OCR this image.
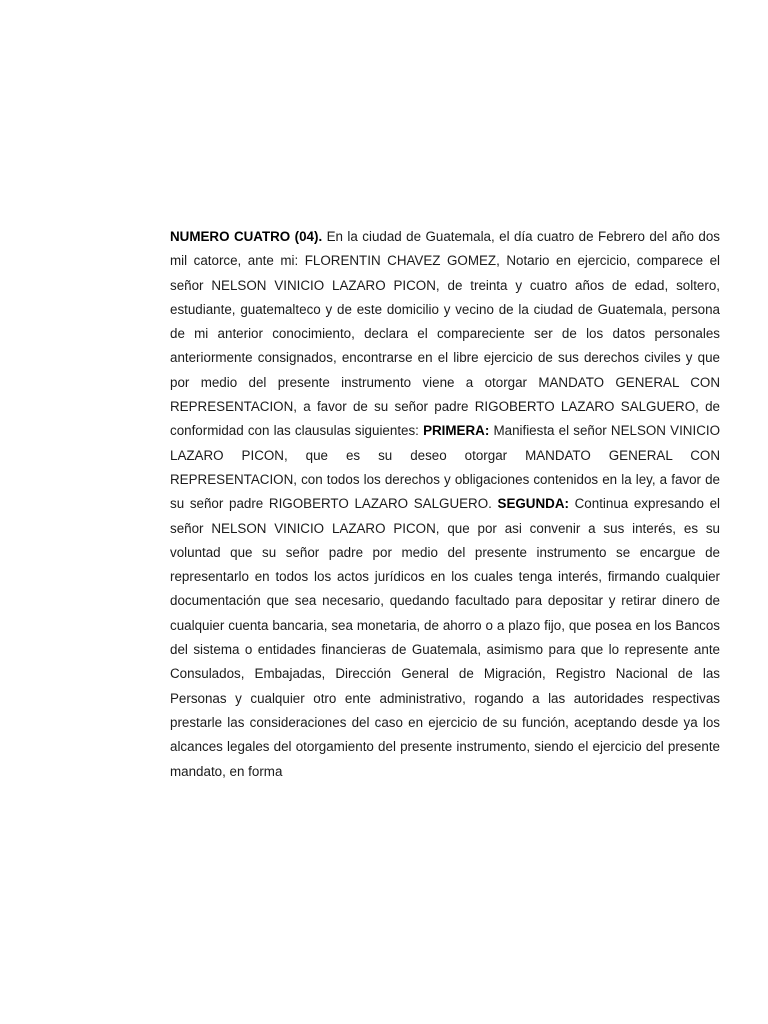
NUMERO CUATRO (04). En la ciudad de Guatemala, el día cuatro de Febrero del año dos mil catorce, ante mi: FLORENTIN CHAVEZ GOMEZ, Notario en ejercicio, comparece el señor NELSON VINICIO LAZARO PICON, de treinta y cuatro años de edad, soltero, estudiante, guatemalteco y de este domicilio y vecino de la ciudad de Guatemala, persona de mi anterior conocimiento, declara el compareciente ser de los datos personales anteriormente consignados, encontrarse en el libre ejercicio de sus derechos civiles y que por medio del presente instrumento viene a otorgar MANDATO GENERAL CON REPRESENTACION, a favor de su señor padre RIGOBERTO LAZARO SALGUERO, de conformidad con las clausulas siguientes: PRIMERA: Manifiesta el señor NELSON VINICIO LAZARO PICON, que es su deseo otorgar MANDATO GENERAL CON REPRESENTACION, con todos los derechos y obligaciones contenidos en la ley, a favor de su señor padre RIGOBERTO LAZARO SALGUERO. SEGUNDA: Continua expresando el señor NELSON VINICIO LAZARO PICON, que por asi convenir a sus interés, es su voluntad que su señor padre por medio del presente instrumento se encargue de representarlo en todos los actos jurídicos en los cuales tenga interés, firmando cualquier documentación que sea necesario, quedando facultado para depositar y retirar dinero de cualquier cuenta bancaria, sea monetaria, de ahorro o a plazo fijo, que posea en los Bancos del sistema o entidades financieras de Guatemala, asimismo para que lo represente ante Consulados, Embajadas, Dirección General de Migración, Registro Nacional de las Personas y cualquier otro ente administrativo, rogando a las autoridades respectivas prestarle las consideraciones del caso en ejercicio de su función, aceptando desde ya los alcances legales del otorgamiento del presente instrumento, siendo el ejercicio del presente mandato, en forma
